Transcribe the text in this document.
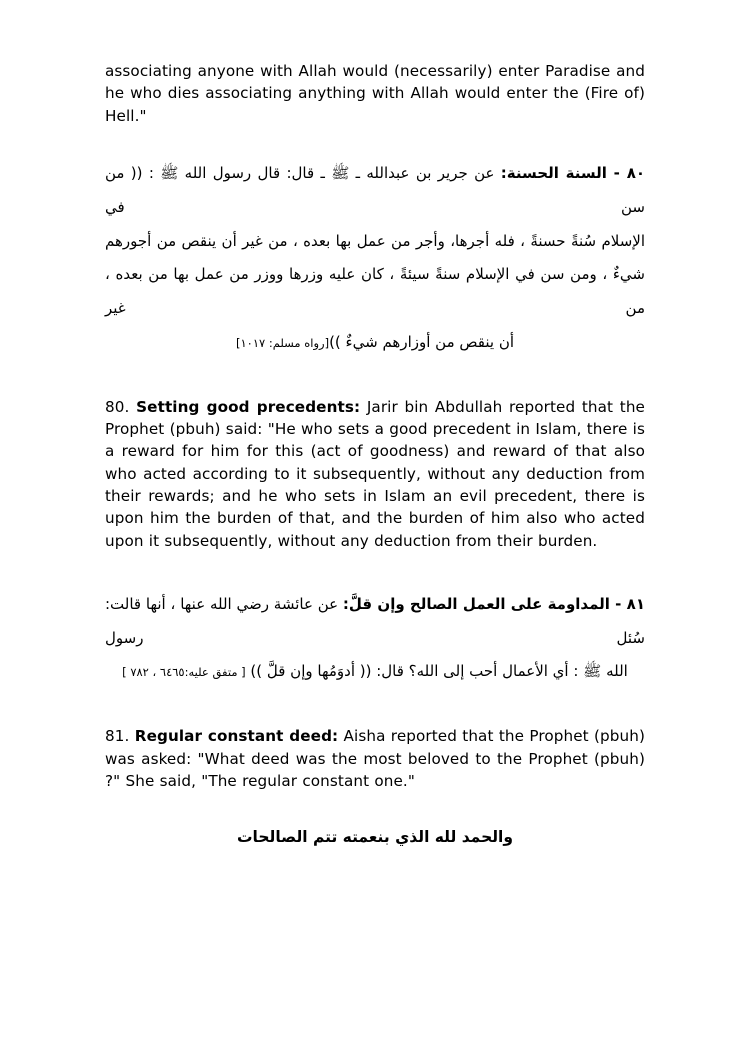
associating anyone with Allah would (necessarily) enter Paradise and he who dies associating anything with Allah would enter the (Fire of) Hell."

٨٠ - السنة الحسنة: عن جرير بن عبدالله ـ ﷺ ـ قال: قال رسول الله ﷺ : (( من سن في
الإسلام سُنةً حسنةً ، فله أجرها، وأجر من عمل بها بعده ، من غير أن ينقص من أجورهم
شيءٌ ، ومن سن في الإسلام سنةً سيئةً ، كان عليه وزرها ووزر من عمل بها من بعده ، من غير
أن ينقص من أوزارهم شيءٌ ))[رواه مسلم: ١٠١٧]

80. Setting good precedents: Jarir bin Abdullah reported that the Prophet (pbuh) said: "He who sets a good precedent in Islam, there is a reward for him for this (act of goodness) and reward of that also who acted according to it subsequently, without any deduction from their rewards; and he who sets in Islam an evil precedent, there is upon him the burden of that, and the burden of him also who acted upon it subsequently, without any deduction from their burden.

٨١ - المداومة على العمل الصالح وإن قلَّ: عن عائشة رضي الله عنها ، أنها قالت: سُئل رسول
الله ﷺ : أي الأعمال أحب إلى الله؟ قال: (( أدوَمُها وإن قلَّ )) [ متفق عليه:٦٤٦٥ ، ٧٨٢ ]

81. Regular constant deed: Aisha reported that the Prophet (pbuh) was asked: "What deed was the most beloved to the Prophet (pbuh) ?" She said, "The regular constant one."

والحمد لله الذي بنعمته تتم الصالحات
